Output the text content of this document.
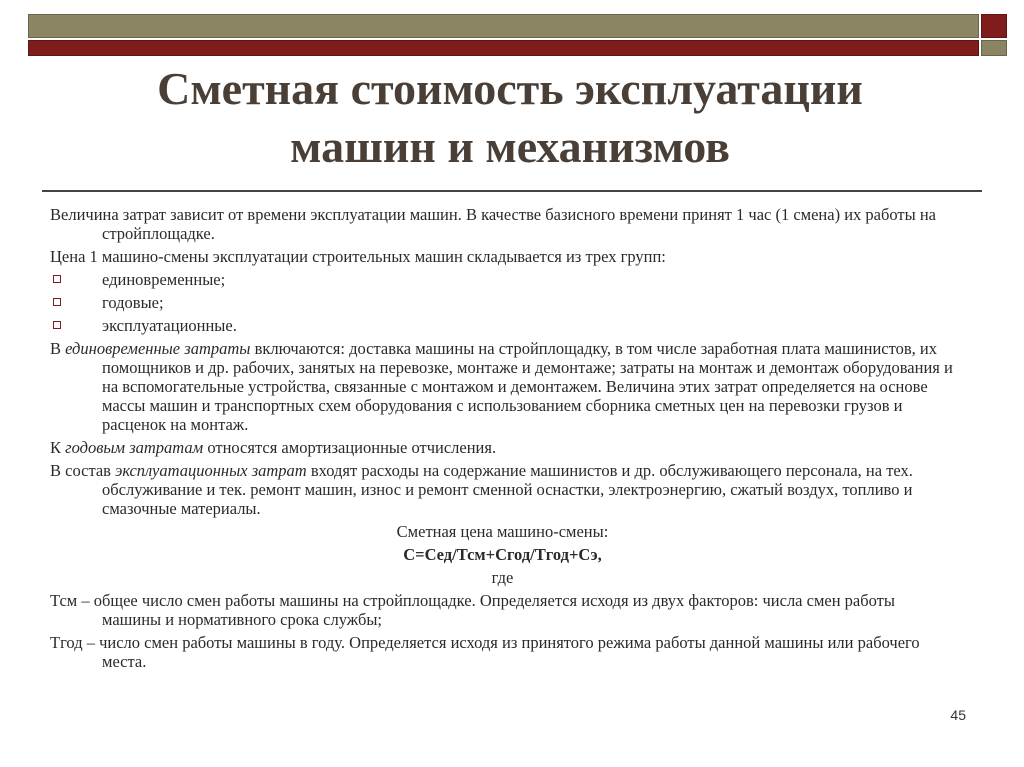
Сметная стоимость эксплуатации
машин и механизмов

Величина затрат зависит от времени эксплуатации машин. В качестве базисного времени принят 1 час (1 смена) их работы на стройплощадке.

Цена 1 машино-смены эксплуатации строительных машин складывается из трех групп:

единовременные;
годовые;
эксплуатационные.

В единовременные затраты включаются: доставка машины на стройплощадку, в том числе заработная плата машинистов, их помощников и др. рабочих, занятых на перевозке, монтаже и демонтаже; затраты на монтаж и демонтаж оборудования и на вспомогательные устройства, связанные с монтажом и демонтажем. Величина этих затрат определяется на основе массы машин и транспортных схем оборудования с использованием сборника сметных цен на перевозки грузов и расценок на монтаж.

К годовым затратам относятся амортизационные отчисления.

В состав эксплуатационных затрат входят расходы на содержание машинистов и др. обслуживающего персонала, на тех. обслуживание и тек. ремонт машин, износ и ремонт сменной оснастки, электроэнергию, сжатый воздух, топливо и смазочные материалы.

Сметная цена машино-смены:

С=Сед/Тсм+Сгод/Тгод+Сэ,

где

Тсм – общее число смен работы машины на стройплощадке. Определяется исходя из двух факторов: числа смен работы машины и нормативного срока службы;

Тгод – число смен работы машины в году. Определяется исходя из принятого режима работы данной машины или рабочего места.

45
